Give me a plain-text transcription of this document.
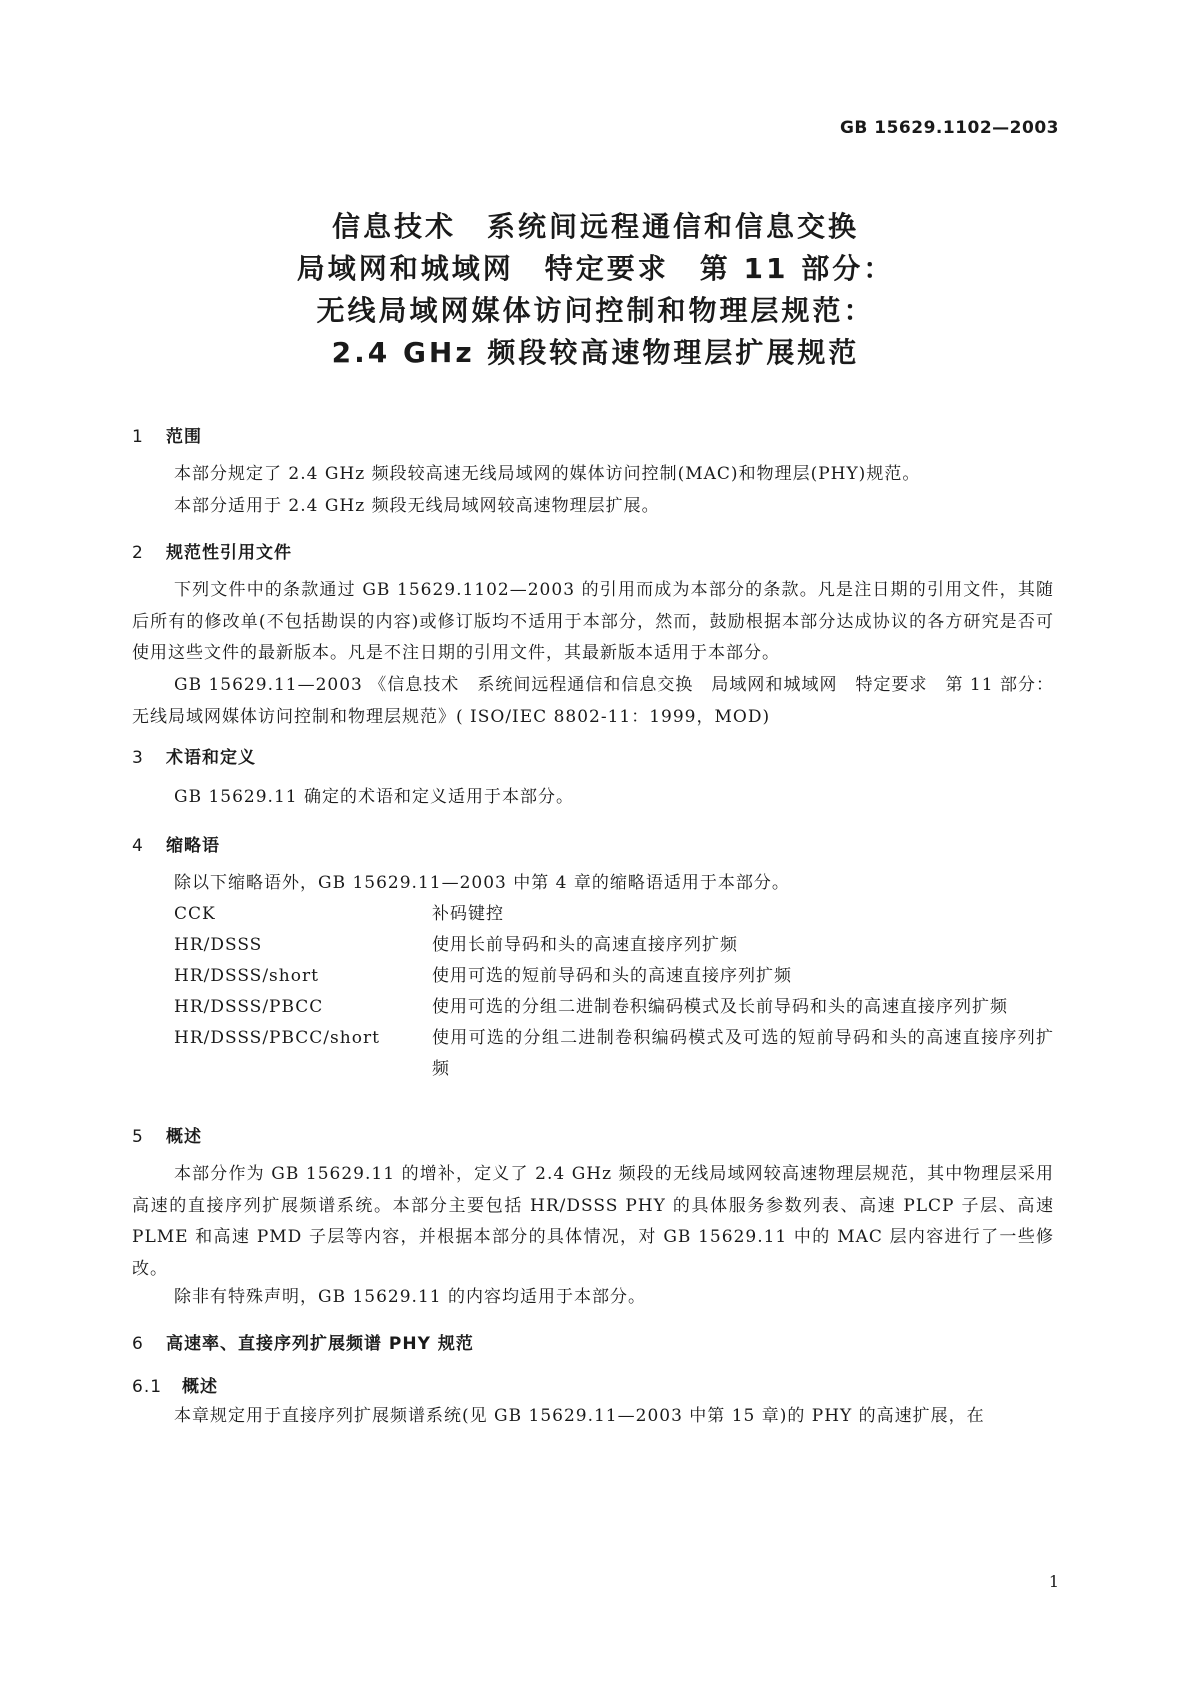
GB 15629.1102—2003
信息技术　系统间远程通信和信息交换
局域网和城域网　特定要求　第 11 部分：
无线局域网媒体访问控制和物理层规范：
2.4 GHz 频段较高速物理层扩展规范
1 范围
本部分规定了 2.4 GHz 频段较高速无线局域网的媒体访问控制(MAC)和物理层(PHY)规范。
本部分适用于 2.4 GHz 频段无线局域网较高速物理层扩展。
2 规范性引用文件
下列文件中的条款通过 GB 15629.1102—2003 的引用而成为本部分的条款。凡是注日期的引用文件，其随后所有的修改单(不包括勘误的内容)或修订版均不适用于本部分，然而，鼓励根据本部分达成协议的各方研究是否可使用这些文件的最新版本。凡是不注日期的引用文件，其最新版本适用于本部分。
GB 15629.11—2003 《信息技术　系统间远程通信和信息交换　局域网和城域网　特定要求　第 11 部分：无线局域网媒体访问控制和物理层规范》( ISO/IEC 8802-11：1999，MOD)
3 术语和定义
GB 15629.11 确定的术语和定义适用于本部分。
4 缩略语
除以下缩略语外，GB 15629.11—2003 中第 4 章的缩略语适用于本部分。
CCK	补码键控
HR/DSSS	使用长前导码和头的高速直接序列扩频
HR/DSSS/short	使用可选的短前导码和头的高速直接序列扩频
HR/DSSS/PBCC	使用可选的分组二进制卷积编码模式及长前导码和头的高速直接序列扩频
HR/DSSS/PBCC/short	使用可选的分组二进制卷积编码模式及可选的短前导码和头的高速直接序列扩频
5 概述
本部分作为 GB 15629.11 的增补，定义了 2.4 GHz 频段的无线局域网较高速物理层规范，其中物理层采用高速的直接序列扩展频谱系统。本部分主要包括 HR/DSSS PHY 的具体服务参数列表、高速 PLCP 子层、高速 PLME 和高速 PMD 子层等内容，并根据本部分的具体情况，对 GB 15629.11 中的 MAC 层内容进行了一些修改。
除非有特殊声明，GB 15629.11 的内容均适用于本部分。
6 高速率、直接序列扩展频谱 PHY 规范
6.1 概述
本章规定用于直接序列扩展频谱系统(见 GB 15629.11—2003 中第 15 章)的 PHY 的高速扩展，在
1
